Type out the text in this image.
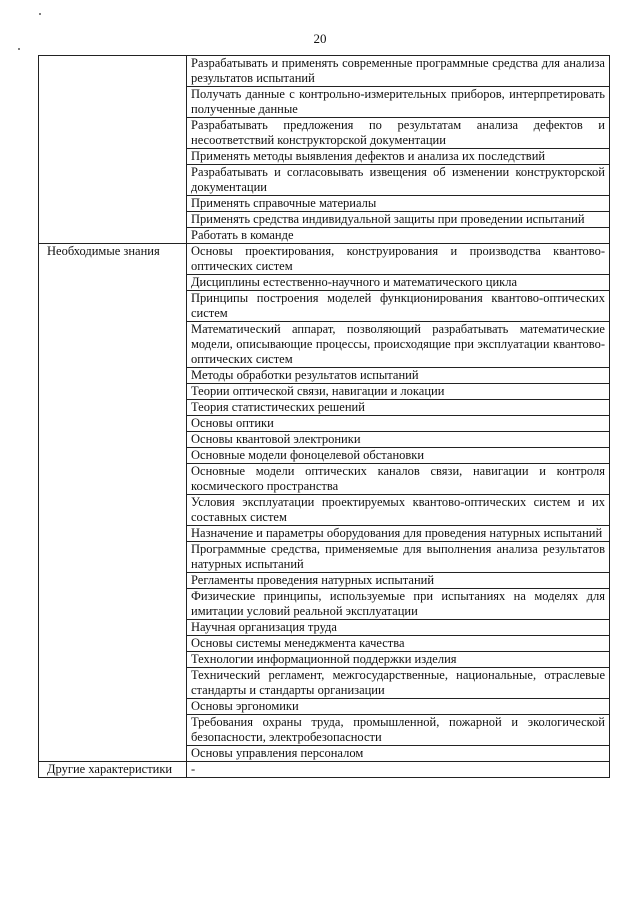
20
	Разрабатывать и применять современные программные средства для анализа результатов испытаний
	Получать данные с контрольно-измерительных приборов, интерпретировать полученные данные
	Разрабатывать предложения по результатам анализа дефектов и несоответствий конструкторской документации
	Применять методы выявления дефектов и анализа их последствий
	Разрабатывать и согласовывать извещения об изменении конструкторской документации
	Применять справочные материалы
	Применять средства индивидуальной защиты при проведении испытаний
	Работать в команде
Необходимые знания	Основы проектирования, конструирования и производства квантово-оптических систем
	Дисциплины естественно-научного и математического цикла
	Принципы построения моделей функционирования квантово-оптических систем
	Математический аппарат, позволяющий разрабатывать математические модели, описывающие процессы, происходящие при эксплуатации квантово-оптических систем
	Методы обработки результатов испытаний
	Теории оптической связи, навигации и локации
	Теория статистических решений
	Основы оптики
	Основы квантовой электроники
	Основные модели фоноцелевой обстановки
	Основные модели оптических каналов связи, навигации и контроля космического пространства
	Условия эксплуатации проектируемых квантово-оптических систем и их составных систем
	Назначение и параметры оборудования для проведения натурных испытаний
	Программные средства, применяемые для выполнения анализа результатов натурных испытаний
	Регламенты проведения натурных испытаний
	Физические принципы, используемые при испытаниях на моделях для имитации условий реальной эксплуатации
	Научная организация труда
	Основы системы менеджмента качества
	Технологии информационной поддержки изделия
	Технический регламент, межгосударственные, национальные, отраслевые стандарты и стандарты организации
	Основы эргономики
	Требования охраны труда, промышленной, пожарной и экологической безопасности, электробезопасности
	Основы управления персоналом
Другие характеристики	-
